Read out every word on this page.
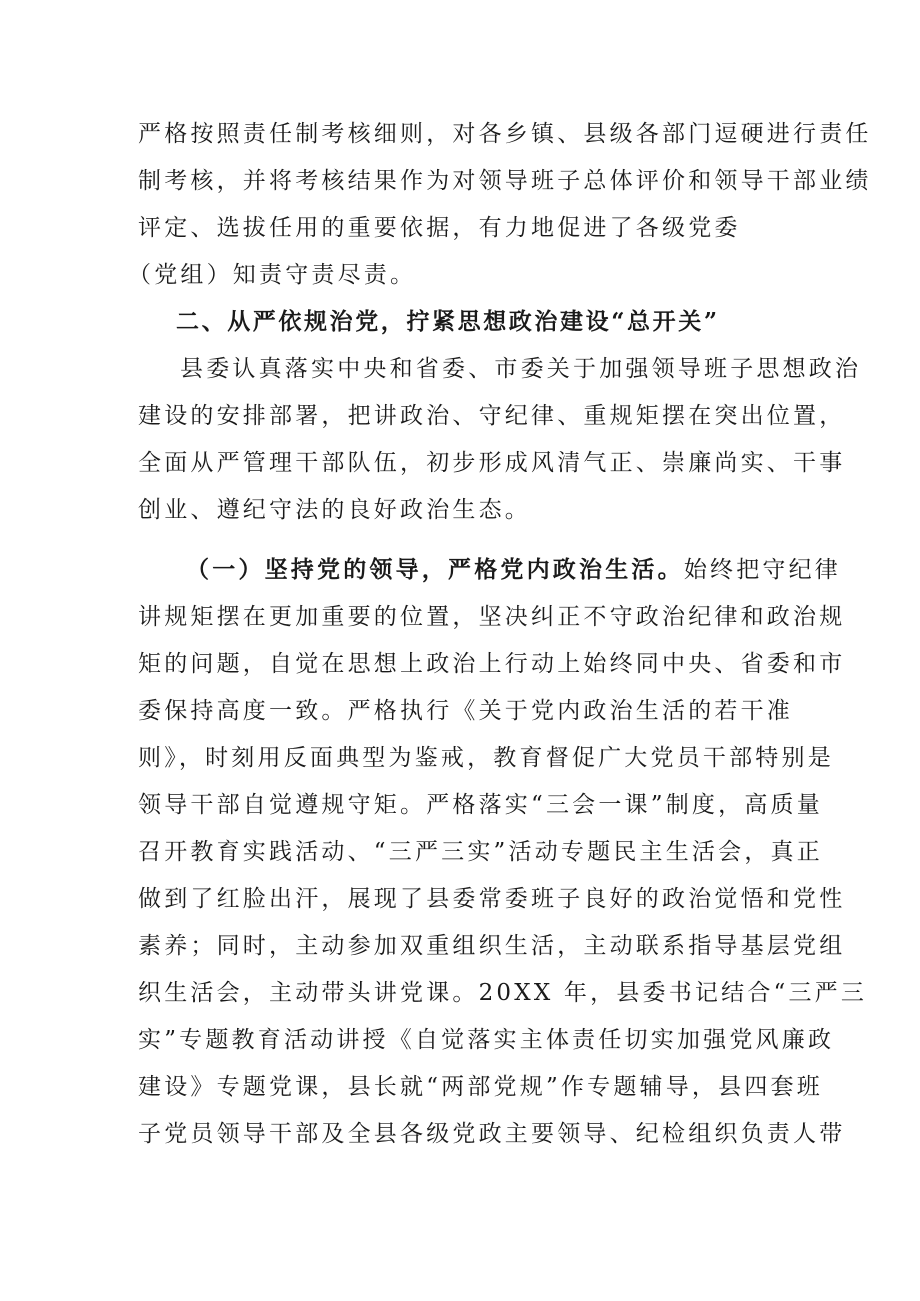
严格按照责任制考核细则，对各乡镇、县级各部门逗硬进行责任
制考核，并将考核结果作为对领导班子总体评价和领导干部业绩
评定、选拔任用的重要依据，有力地促进了各级党委
（党组）知责守责尽责。
二、从严依规治党，拧紧思想政治建设“总开关”
县委认真落实中央和省委、市委关于加强领导班子思想政治
建设的安排部署，把讲政治、守纪律、重规矩摆在突出位置，
全面从严管理干部队伍，初步形成风清气正、崇廉尚实、干事
创业、遵纪守法的良好政治生态。
（一）坚持党的领导，严格党内政治生活。始终把守纪律
讲规矩摆在更加重要的位置，坚决纠正不守政治纪律和政治规
矩的问题，自觉在思想上政治上行动上始终同中央、省委和市
委保持高度一致。严格执行《关于党内政治生活的若干准
则》，时刻用反面典型为鉴戒，教育督促广大党员干部特别是
领导干部自觉遵规守矩。严格落实“三会一课”制度，高质量
召开教育实践活动、“三严三实”活动专题民主生活会，真正
做到了红脸出汗，展现了县委常委班子良好的政治觉悟和党性
素养；同时，主动参加双重组织生活，主动联系指导基层党组
织生活会，主动带头讲党课。20XX 年，县委书记结合“三严三
实”专题教育活动讲授《自觉落实主体责任切实加强党风廉政
建设》专题党课，县长就“两部党规”作专题辅导，县四套班
子党员领导干部及全县各级党政主要领导、纪检组织负责人带
